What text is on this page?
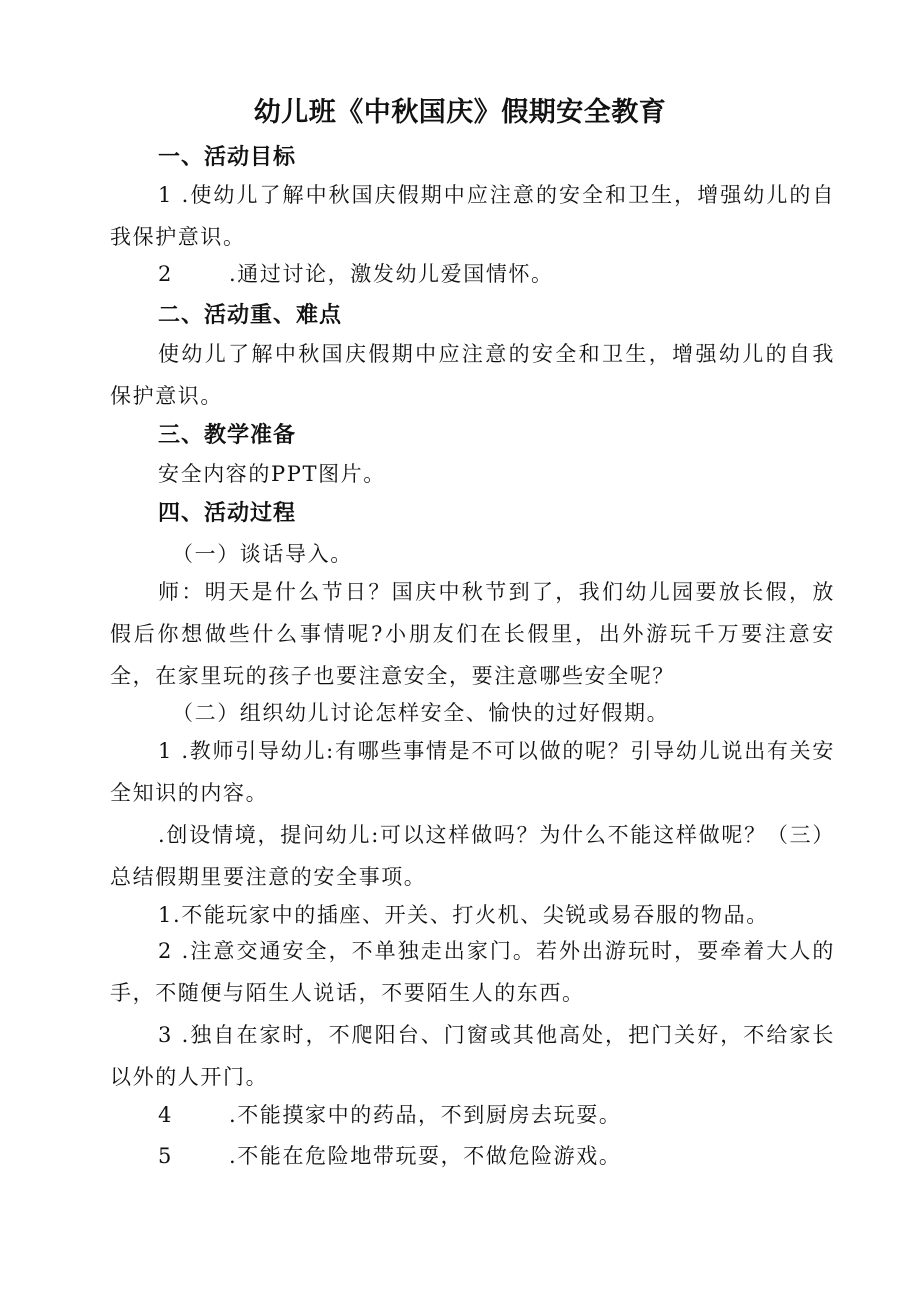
幼儿班《中秋国庆》假期安全教育
一、活动目标
1 .使幼儿了解中秋国庆假期中应注意的安全和卫生，增强幼儿的自我保护意识。
2	.通过讨论，激发幼儿爱国情怀。
二、活动重、难点
使幼儿了解中秋国庆假期中应注意的安全和卫生，增强幼儿的自我保护意识。
三、教学准备
安全内容的PPT图片。
四、活动过程
（一）谈话导入。
师：明天是什么节日？国庆中秋节到了，我们幼儿园要放长假，放假后你想做些什么事情呢?小朋友们在长假里，出外游玩千万要注意安全，在家里玩的孩子也要注意安全，要注意哪些安全呢？
（二）组织幼儿讨论怎样安全、愉快的过好假期。
1 .教师引导幼儿:有哪些事情是不可以做的呢？引导幼儿说出有关安全知识的内容。
.创设情境，提问幼儿:可以这样做吗？为什么不能这样做呢？（三）总结假期里要注意的安全事项。
1.不能玩家中的插座、开关、打火机、尖锐或易吞服的物品。
2 .注意交通安全，不单独走出家门。若外出游玩时，要牵着大人的手，不随便与陌生人说话，不要陌生人的东西。
3 .独自在家时，不爬阳台、门窗或其他高处，把门关好，不给家长以外的人开门。
4	.不能摸家中的药品，不到厨房去玩耍。
5	.不能在危险地带玩耍，不做危险游戏。
